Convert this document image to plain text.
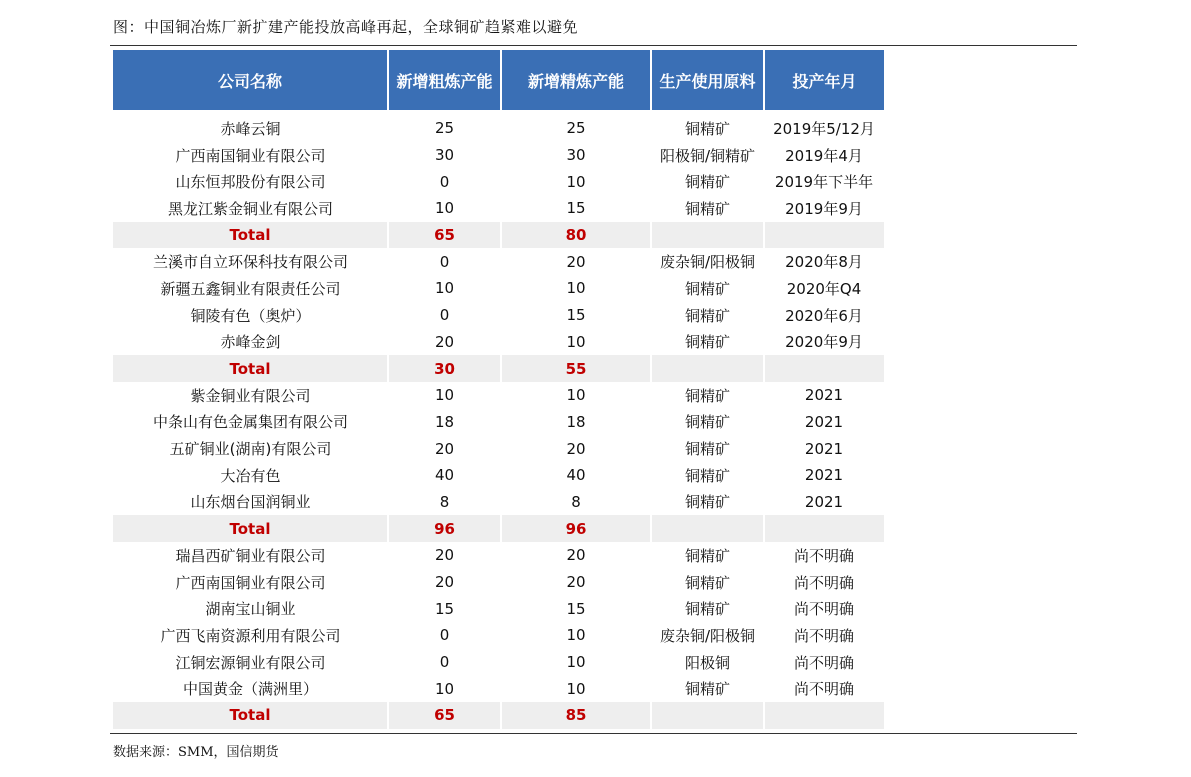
图：中国铜冶炼厂新扩建产能投放高峰再起，全球铜矿趋紧难以避免
公司名称	新增粗炼产能	新增精炼产能	生产使用原料	投产年月
赤峰云铜	25	25	铜精矿	2019年5/12月
广西南国铜业有限公司	30	30	阳极铜/铜精矿	2019年4月
山东恒邦股份有限公司	0	10	铜精矿	2019年下半年
黑龙江紫金铜业有限公司	10	15	铜精矿	2019年9月
Total	65	80		
兰溪市自立环保科技有限公司	0	20	废杂铜/阳极铜	2020年8月
新疆五鑫铜业有限责任公司	10	10	铜精矿	2020年Q4
铜陵有色（奥炉）	0	15	铜精矿	2020年6月
赤峰金剑	20	10	铜精矿	2020年9月
Total	30	55		
紫金铜业有限公司	10	10	铜精矿	2021
中条山有色金属集团有限公司	18	18	铜精矿	2021
五矿铜业(湖南)有限公司	20	20	铜精矿	2021
大冶有色	40	40	铜精矿	2021
山东烟台国润铜业	8	8	铜精矿	2021
Total	96	96		
瑞昌西矿铜业有限公司	20	20	铜精矿	尚不明确
广西南国铜业有限公司	20	20	铜精矿	尚不明确
湖南宝山铜业	15	15	铜精矿	尚不明确
广西飞南资源利用有限公司	0	10	废杂铜/阳极铜	尚不明确
江铜宏源铜业有限公司	0	10	阳极铜	尚不明确
中国黄金（满洲里）	10	10	铜精矿	尚不明确
Total	65	85		
数据来源：SMM，国信期货
